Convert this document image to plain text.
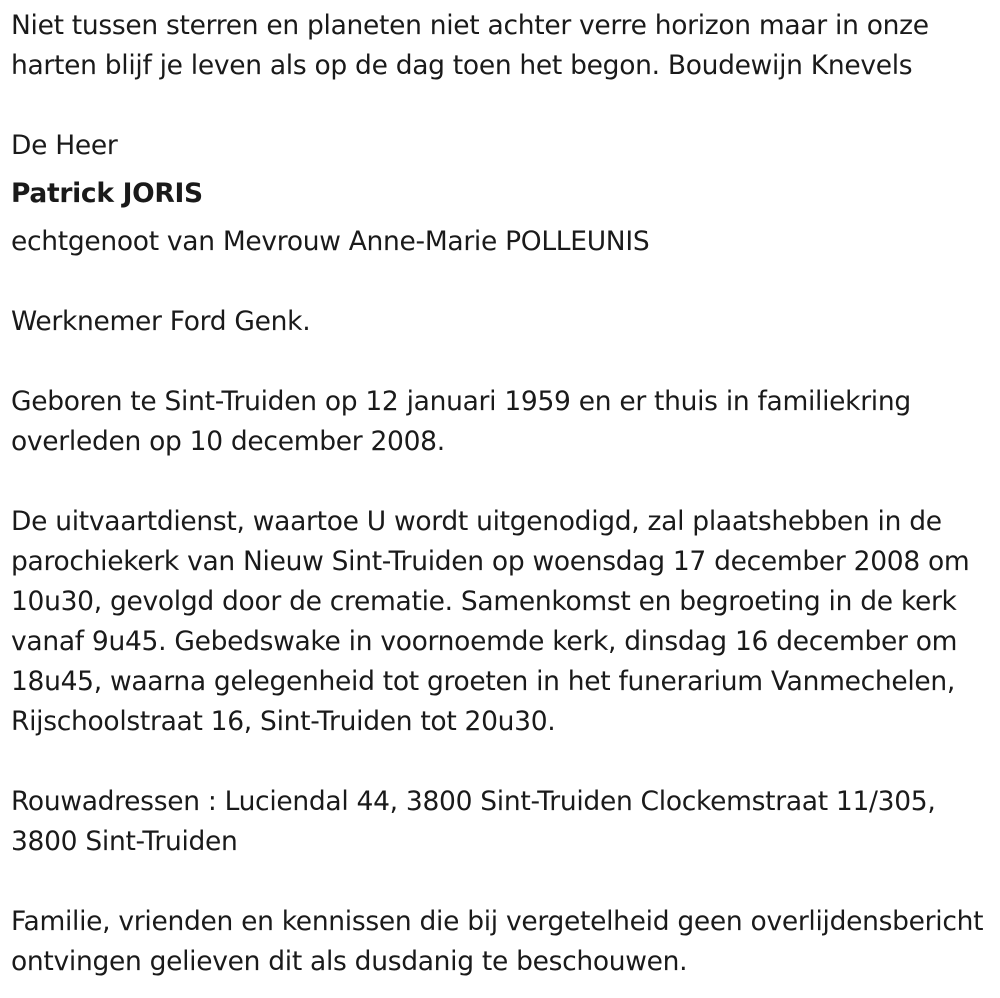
Niet tussen sterren en planeten niet achter verre horizon maar in onze harten blijf je leven als op de dag toen het begon. Boudewijn Knevels

De Heer

Patrick JORIS

echtgenoot van Mevrouw Anne-Marie POLLEUNIS

Werknemer Ford Genk.

Geboren te Sint-Truiden op 12 januari 1959 en er thuis in familiekring overleden op 10 december 2008.

De uitvaartdienst, waartoe U wordt uitgenodigd, zal plaatshebben in de parochiekerk van Nieuw Sint-Truiden op woensdag 17 december 2008 om 10u30, gevolgd door de crematie. Samenkomst en begroeting in de kerk vanaf 9u45. Gebedswake in voornoemde kerk, dinsdag 16 december om 18u45, waarna gelegenheid tot groeten in het funerarium Vanmechelen, Rijschoolstraat 16, Sint-Truiden tot 20u30.

Rouwadressen : Luciendal 44, 3800 Sint-Truiden Clockemstraat 11/305, 3800 Sint-Truiden

Familie, vrienden en kennissen die bij vergetelheid geen overlijdensbericht ontvingen gelieven dit als dusdanig te beschouwen.
